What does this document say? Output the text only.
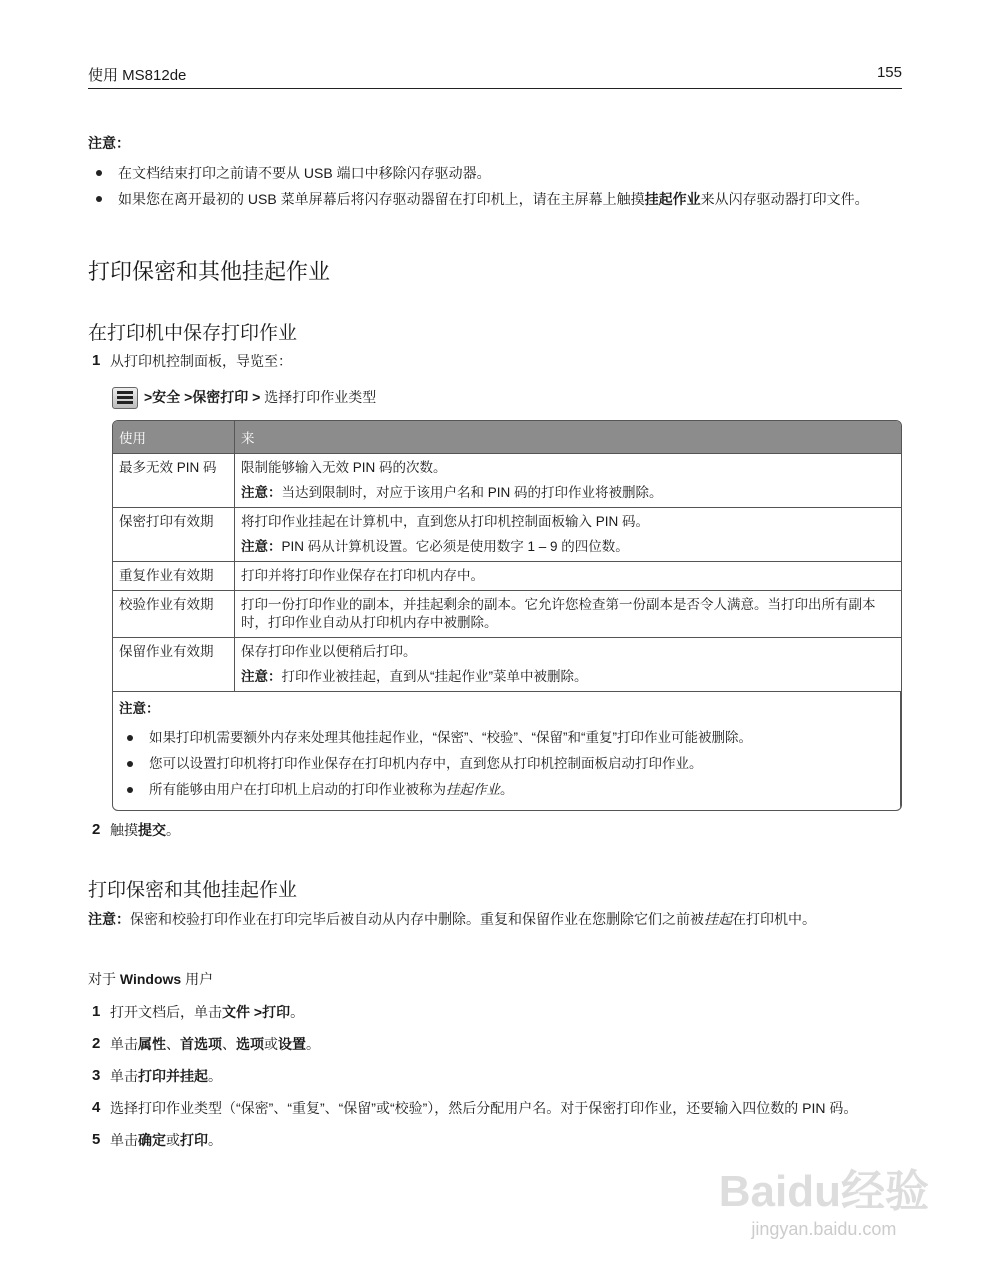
使用 MS812de	155
注意：
在文档结束打印之前请不要从 USB 端口中移除闪存驱动器。
如果您在离开最初的 USB 菜单屏幕后将闪存驱动器留在打印机上，请在主屏幕上触摸挂起作业来从闪存驱动器打印文件。
打印保密和其他挂起作业
在打印机中保存打印作业
1 从打印机控制面板，导览至：
>安全 >保密打印 > 选择打印作业类型
使用	来
最多无效 PIN 码	限制能够输入无效 PIN 码的次数。

注意：当达到限制时，对应于该用户名和 PIN 码的打印作业将被删除。

保密打印有效期	将打印作业挂起在计算机中，直到您从打印机控制面板输入 PIN 码。

注意：PIN 码从计算机设置。它必须是使用数字 1 – 9 的四位数。

重复作业有效期	打印并将打印作业保存在打印机内存中。

校验作业有效期	打印一份打印作业的副本，并挂起剩余的副本。它允许您检查第一份副本是否令人满意。当打印出所有副本时，打印作业自动从打印机内存中被删除。

保留作业有效期	保存打印作业以便稍后打印。

注意：打印作业被挂起，直到从“挂起作业”菜单中被删除。

注意：
如果打印机需要额外内存来处理其他挂起作业，“保密”、“校验”、“保留”和“重复”打印作业可能被删除。
您可以设置打印机将打印作业保存在打印机内存中，直到您从打印机控制面板启动打印作业。
所有能够由用户在打印机上启动的打印作业被称为挂起作业。	
2 触摸提交。
打印保密和其他挂起作业
注意：保密和校验打印作业在打印完毕后被自动从内存中删除。重复和保留作业在您删除它们之前被挂起在打印机中。
对于 Windows 用户
1 打开文档后，单击文件 >打印。
2 单击属性、首选项、选项或设置。
3 单击打印并挂起。
4 选择打印作业类型（“保密”、“重复”、“保留”或“校验”），然后分配用户名。对于保密打印作业，还要输入四位数的 PIN 码。
5 单击确定或打印。
Baidu经验
jingyan.baidu.com
